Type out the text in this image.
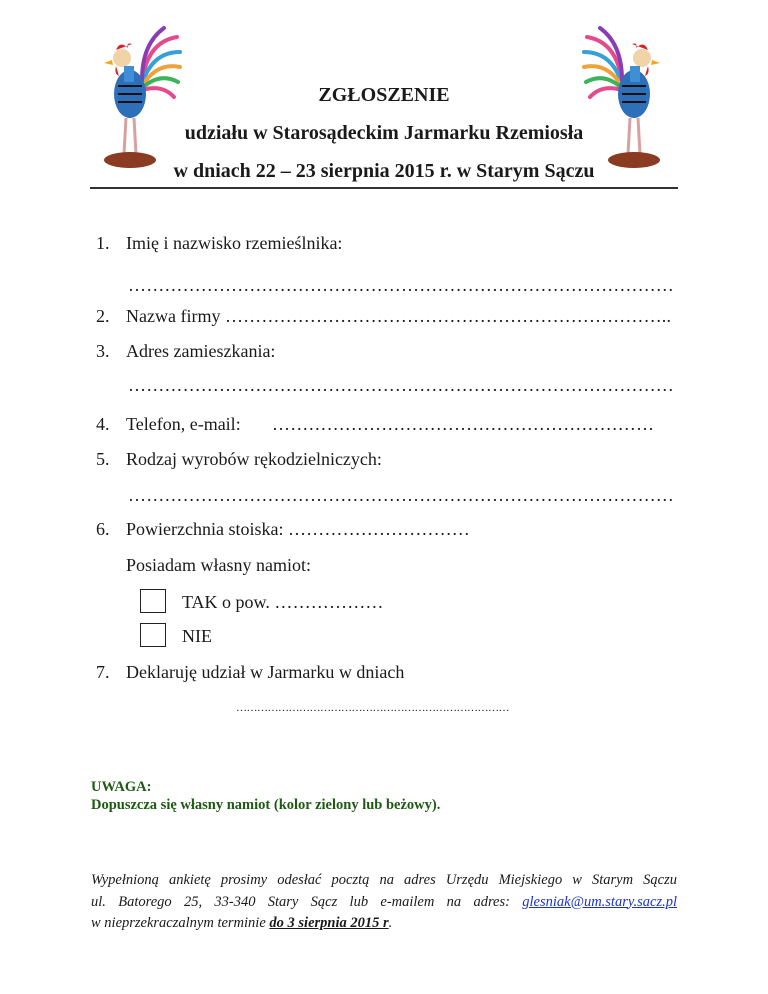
ZGŁOSZENIE
udziału w Starosądeckim Jarmarku Rzemiosła
w dniach 22 – 23 sierpnia 2015 r. w Starym Sączu
1. Imię i nazwisko rzemieślnika:
………………………………………………………………………………
2. Nazwa firmy ………………………………………………………………..
3. Adres zamieszkania:
………………………………………………………………………………
4. Telefon, e-mail: ………………………………………………………
5. Rodzaj wyrobów rękodzielniczych:
………………………………………………………………………………
6. Powierzchnia stoiska: …………………………
Posiadam własny namiot:
TAK o pow. ………………
NIE
7. Deklaruję udział w Jarmarku w dniach
……………………………………………………………………
UWAGA:
Dopuszcza się własny namiot (kolor zielony lub beżowy).
Wypełnioną ankietę prosimy odesłać pocztą na adres Urzędu Miejskiego w Starym Sączu
ul. Batorego 25, 33-340 Stary Sącz lub e-mailem na adres: glesniak@um.stary.sacz.pl
w nieprzekraczalnym terminie do 3 sierpnia 2015 r.
